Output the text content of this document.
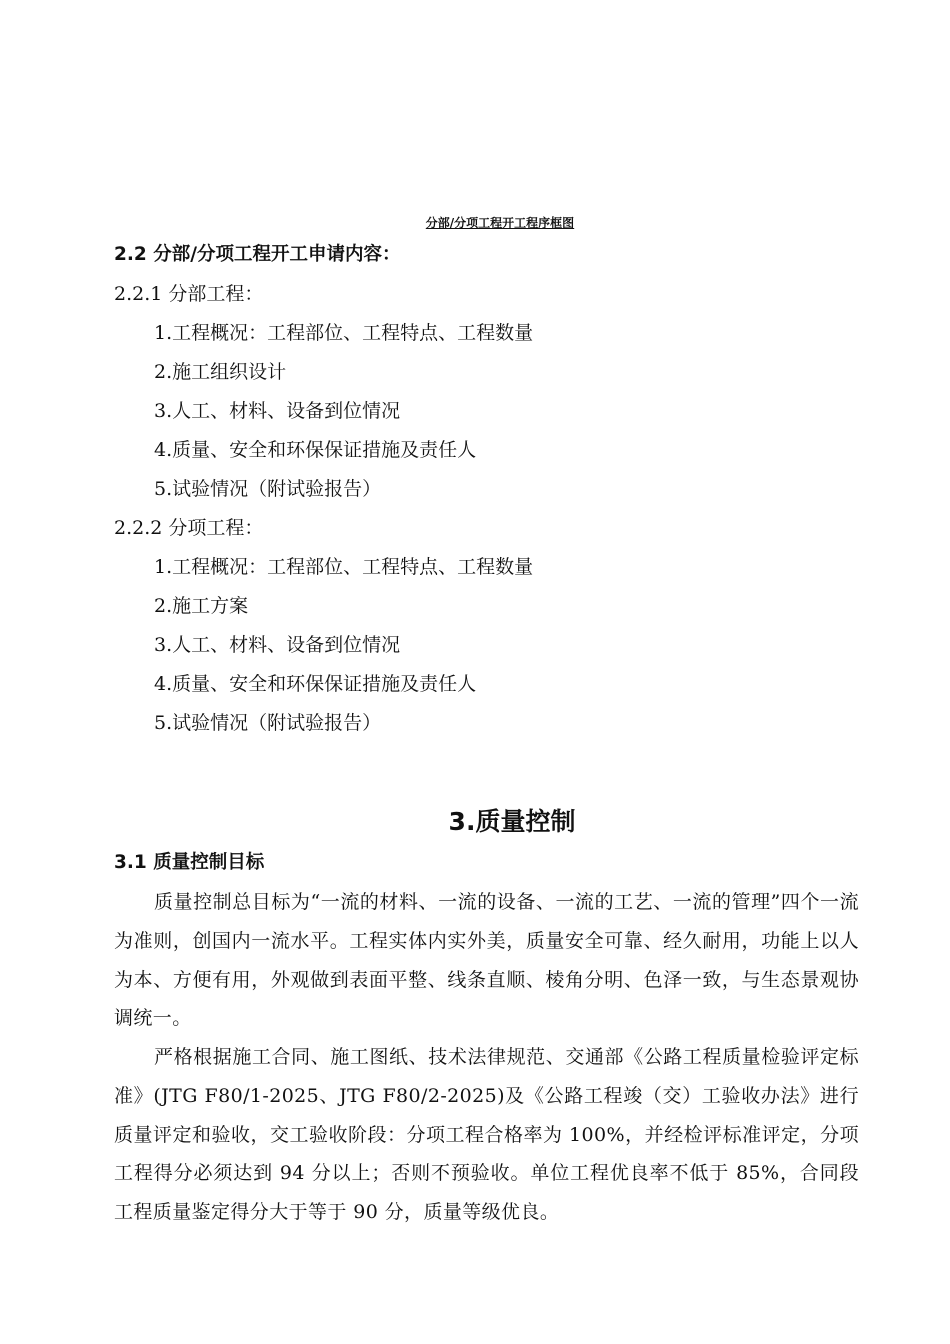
分部/分项工程开工程序框图
2.2 分部/分项工程开工申请内容：
2.2.1 分部工程：
1.工程概况：工程部位、工程特点、工程数量
2.施工组织设计
3.人工、材料、设备到位情况
4.质量、安全和环保保证措施及责任人
5.试验情况（附试验报告）
2.2.2 分项工程：
1.工程概况：工程部位、工程特点、工程数量
2.施工方案
3.人工、材料、设备到位情况
4.质量、安全和环保保证措施及责任人
5.试验情况（附试验报告）
3.质量控制
3.1 质量控制目标
质量控制总目标为“一流的材料、一流的设备、一流的工艺、一流的管理”四个一流为准则，创国内一流水平。工程实体内实外美，质量安全可靠、经久耐用，功能上以人为本、方便有用，外观做到表面平整、线条直顺、棱角分明、色泽一致，与生态景观协调统一。
严格根据施工合同、施工图纸、技术法律规范、交通部《公路工程质量检验评定标准》(JTG F80/1-2025、JTG F80/2-2025)及《公路工程竣（交）工验收办法》进行质量评定和验收，交工验收阶段：分项工程合格率为 100%，并经检评标准评定，分项工程得分必须达到 94 分以上；否则不预验收。单位工程优良率不低于 85%，合同段工程质量鉴定得分大于等于 90 分，质量等级优良。
